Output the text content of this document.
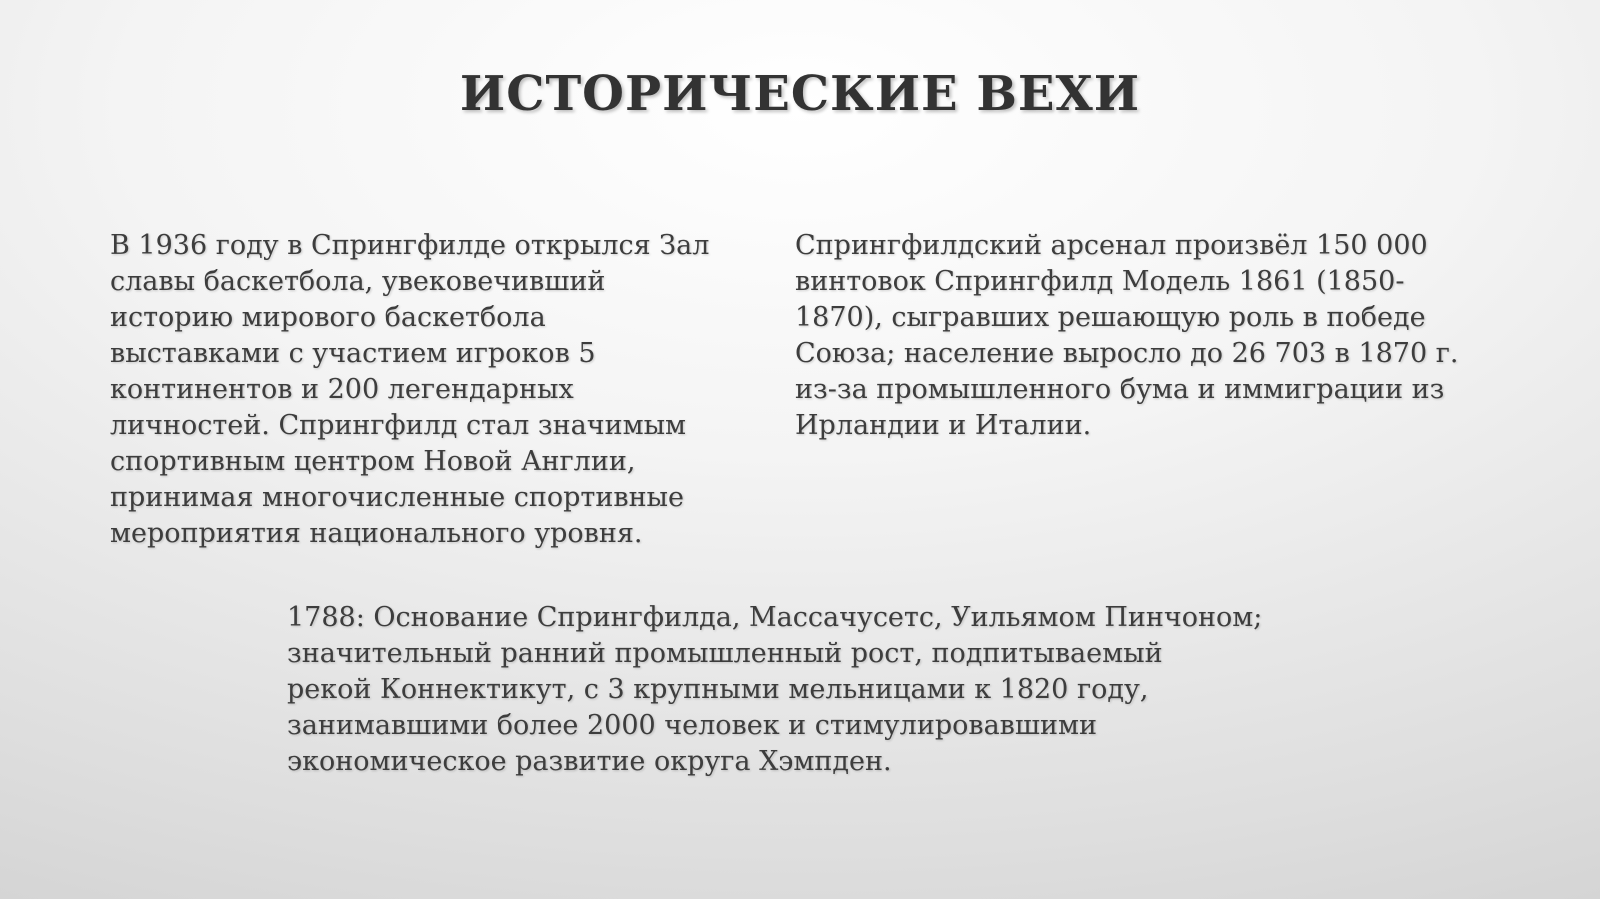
ИСТОРИЧЕСКИЕ ВЕХИ

В 1936 году в Спрингфилде открылся Зал
славы баскетбола, увековечивший
историю мирового баскетбола
выставками с участием игроков 5
континентов и 200 легендарных
личностей. Спрингфилд стал значимым
спортивным центром Новой Англии,
принимая многочисленные спортивные
мероприятия национального уровня.

Спрингфилдский арсенал произвёл 150 000
винтовок Спрингфилд Модель 1861 (1850-
1870), сыгравших решающую роль в победе
Союза; население выросло до 26 703 в 1870 г.
из-за промышленного бума и иммиграции из
Ирландии и Италии.

1788: Основание Спрингфилда, Массачусетс, Уильямом Пинчоном;
значительный ранний промышленный рост, подпитываемый
рекой Коннектикут, с 3 крупными мельницами к 1820 году,
занимавшими более 2000 человек и стимулировавшими
экономическое развитие округа Хэмпден.
